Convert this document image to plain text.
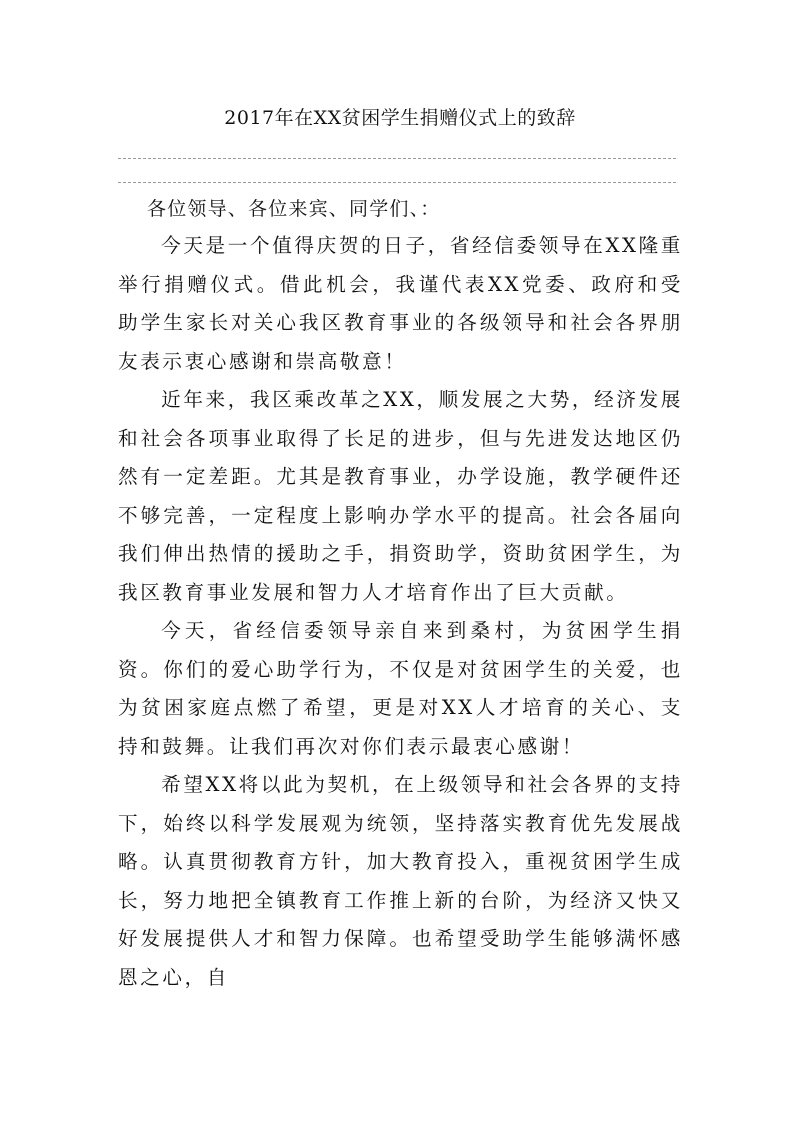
2017年在XX贫困学生捐赠仪式上的致辞

各位领导、各位来宾、同学们、：

今天是一个值得庆贺的日子，省经信委领导在XX隆重举行捐赠仪式。借此机会，我谨代表XX党委、政府和受助学生家长对关心我区教育事业的各级领导和社会各界朋友表示衷心感谢和崇高敬意！

近年来，我区乘改革之XX，顺发展之大势，经济发展和社会各项事业取得了长足的进步，但与先进发达地区仍然有一定差距。尤其是教育事业，办学设施，教学硬件还不够完善，一定程度上影响办学水平的提高。社会各届向我们伸出热情的援助之手，捐资助学，资助贫困学生，为我区教育事业发展和智力人才培育作出了巨大贡献。

今天，省经信委领导亲自来到桑村，为贫困学生捐资。你们的爱心助学行为，不仅是对贫困学生的关爱，也为贫困家庭点燃了希望，更是对XX人才培育的关心、支持和鼓舞。让我们再次对你们表示最衷心感谢！

希望XX将以此为契机，在上级领导和社会各界的支持下，始终以科学发展观为统领，坚持落实教育优先发展战略。认真贯彻教育方针，加大教育投入，重视贫困学生成长，努力地把全镇教育工作推上新的台阶，为经济又快又好发展提供人才和智力保障。也希望受助学生能够满怀感恩之心，自
